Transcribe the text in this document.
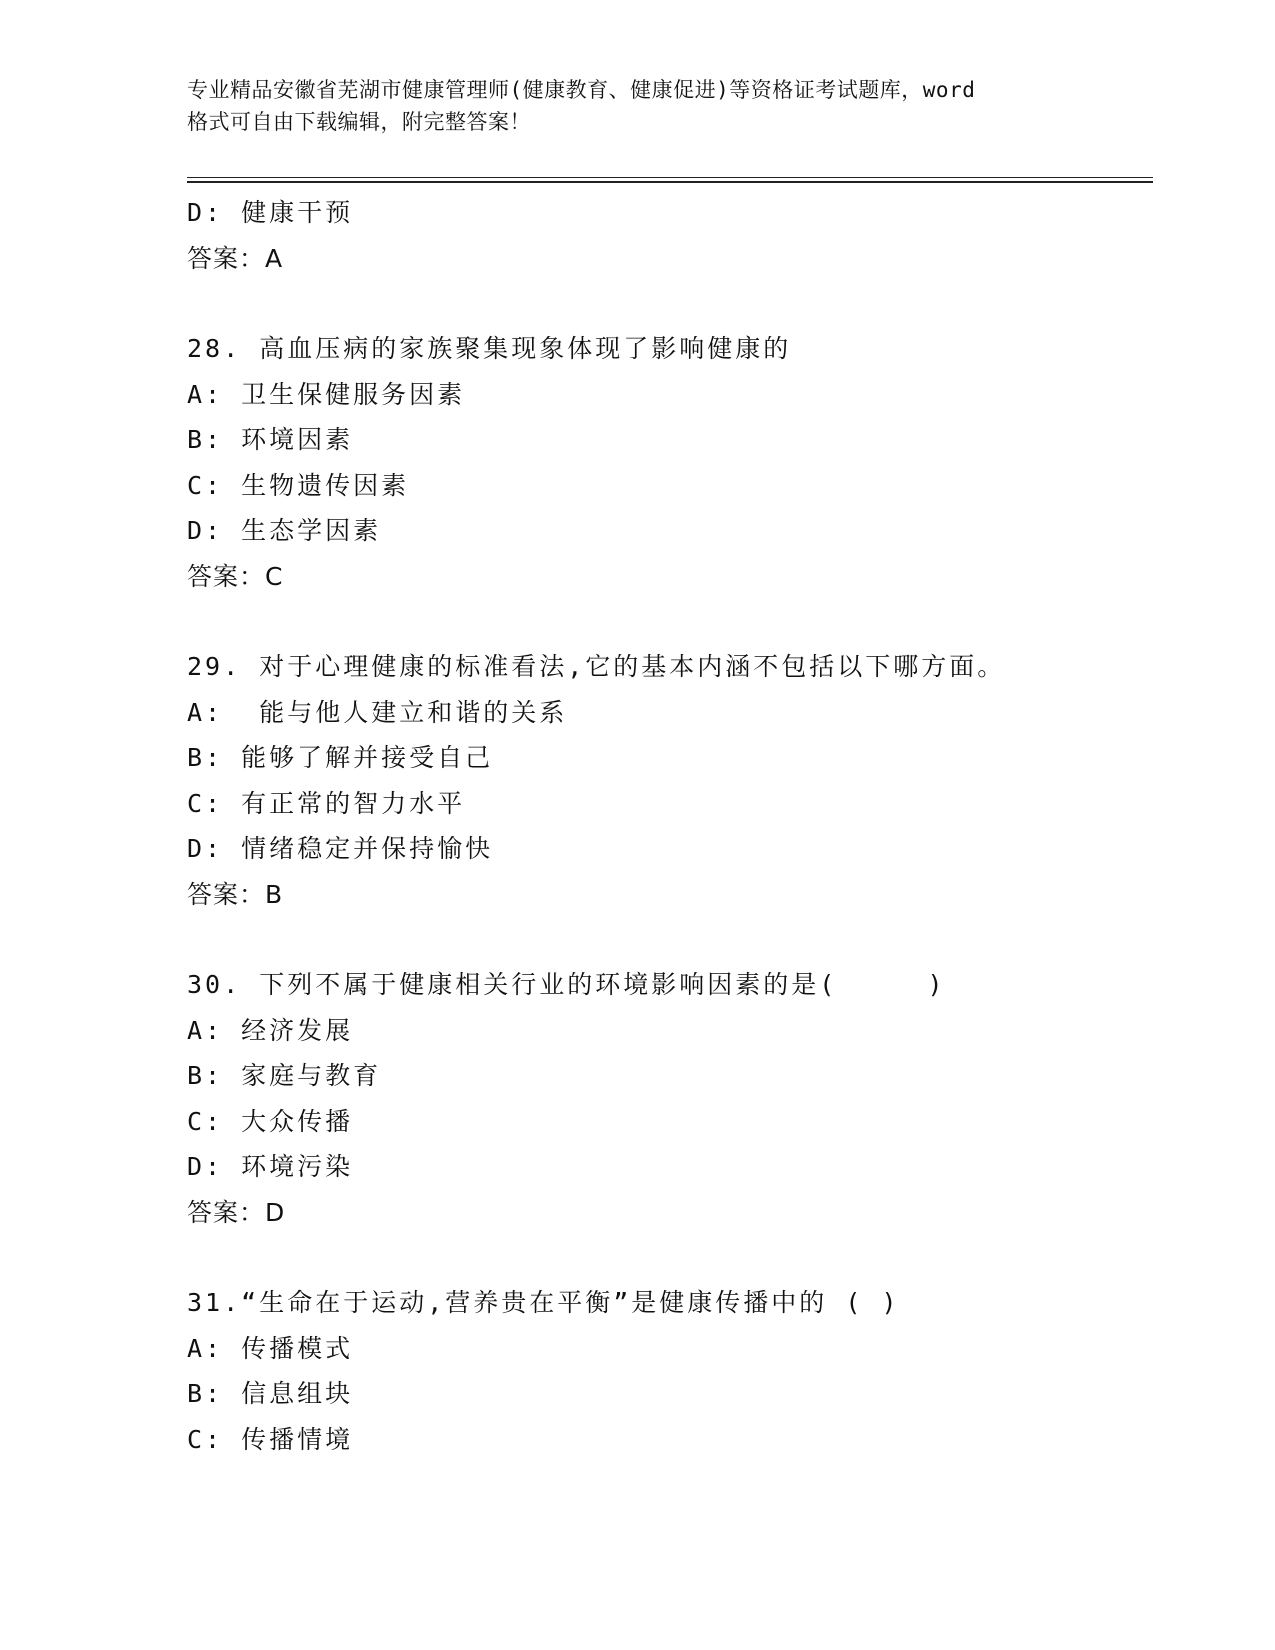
专业精品安徽省芜湖市健康管理师(健康教育、健康促进)等资格证考试题库，word
格式可自由下载编辑，附完整答案！
D: 健康干预
答案：A
28. 高血压病的家族聚集现象体现了影响健康的
A: 卫生保健服务因素
B: 环境因素
C: 生物遗传因素
D: 生态学因素
答案：C
29. 对于心理健康的标准看法,它的基本内涵不包括以下哪方面。
A:  能与他人建立和谐的关系
B: 能够了解并接受自己
C: 有正常的智力水平
D: 情绪稳定并保持愉快
答案：B
30. 下列不属于健康相关行业的环境影响因素的是(     )
A: 经济发展
B: 家庭与教育
C: 大众传播
D: 环境污染
答案：D
31.“生命在于运动,营养贵在平衡”是健康传播中的 ( )
A: 传播模式
B: 信息组块
C: 传播情境
